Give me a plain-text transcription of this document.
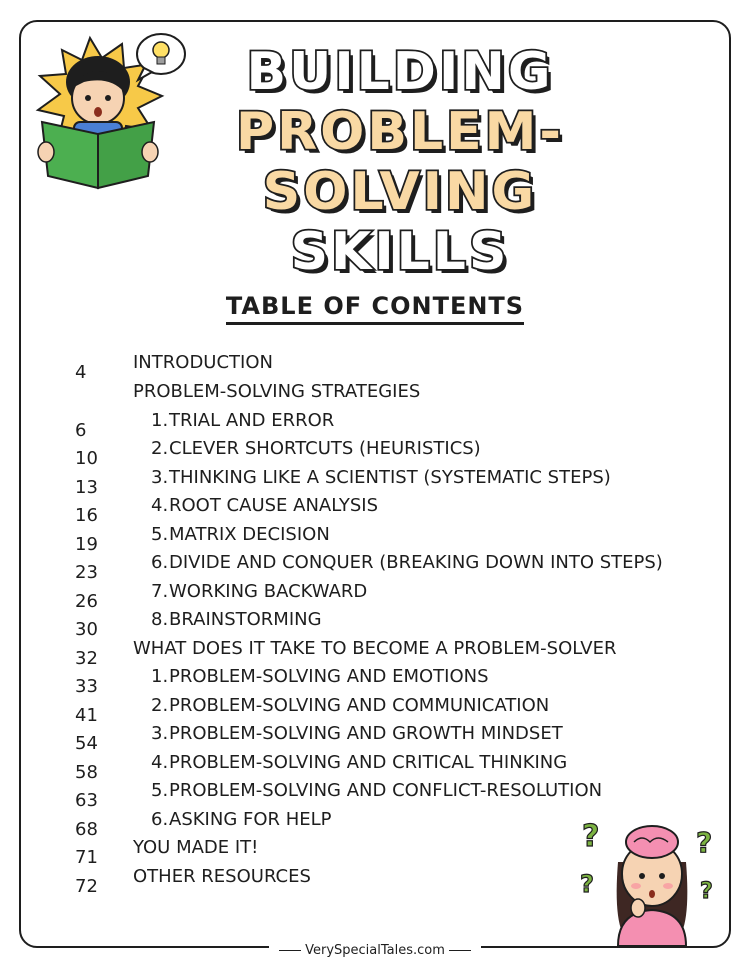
BUILDING
PROBLEM-
SOLVING
SKILLS
TABLE OF CONTENTS
4	INTRODUCTION
PROBLEM-SOLVING STRATEGIES
6	1.TRIAL AND ERROR
10	2.CLEVER SHORTCUTS (HEURISTICS)
13	3.THINKING LIKE A SCIENTIST (SYSTEMATIC STEPS)
16	4.ROOT CAUSE ANALYSIS
19	5.MATRIX DECISION
23	6.DIVIDE AND CONQUER (BREAKING DOWN INTO STEPS)
26	7.WORKING BACKWARD
30	8.BRAINSTORMING
32 WHAT DOES IT TAKE TO BECOME A PROBLEM-SOLVER
33	1.PROBLEM-SOLVING AND EMOTIONS
41	2.PROBLEM-SOLVING AND COMMUNICATION
54	3.PROBLEM-SOLVING AND GROWTH MINDSET
58	4.PROBLEM-SOLVING AND CRITICAL THINKING
63	5.PROBLEM-SOLVING AND CONFLICT-RESOLUTION
68	6.ASKING FOR HELP
71 YOU MADE IT!
72 OTHER RESOURCES
?	?
?	?
VerySpecialTales.com
